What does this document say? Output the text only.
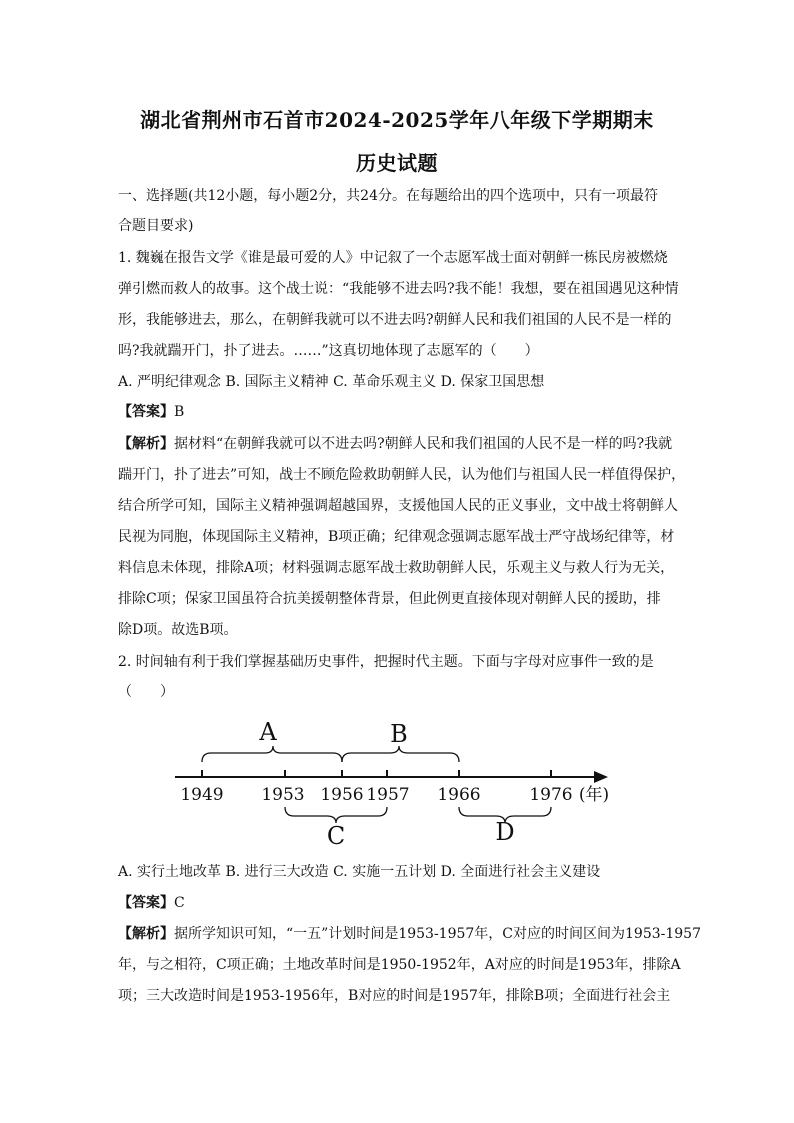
湖北省荆州市石首市2024-2025学年八年级下学期期末
历史试题
一、选择题(共12小题，每小题2分，共24分。在每题给出的四个选项中，只有一项最符
合题目要求)
1. 魏巍在报告文学《谁是最可爱的人》中记叙了一个志愿军战士面对朝鲜一栋民房被燃烧
弹引燃而救人的故事。这个战士说：“我能够不进去吗?我不能！我想，要在祖国遇见这种情
形，我能够进去，那么，在朝鲜我就可以不进去吗?朝鲜人民和我们祖国的人民不是一样的
吗?我就踹开门，扑了进去。……”这真切地体现了志愿军的（　　）
A. 严明纪律观念 B. 国际主义精神 C. 革命乐观主义 D. 保家卫国思想
【答案】B
【解析】据材料“在朝鲜我就可以不进去吗?朝鲜人民和我们祖国的人民不是一样的吗?我就
踹开门，扑了进去”可知，战士不顾危险救助朝鲜人民，认为他们与祖国人民一样值得保护，
结合所学可知，国际主义精神强调超越国界，支援他国人民的正义事业，文中战士将朝鲜人
民视为同胞，体现国际主义精神，B项正确；纪律观念强调志愿军战士严守战场纪律等，材
料信息未体现，排除A项；材料强调志愿军战士救助朝鲜人民，乐观主义与救人行为无关，
排除C项；保家卫国虽符合抗美援朝整体背景，但此例更直接体现对朝鲜人民的援助，排
除D项。故选B项。
2. 时间轴有利于我们掌握基础历史事件，把握时代主题。下面与字母对应事件一致的是
（　　）
1949 1953 1956 1957 1966	1976 (年)
A	B
C	D
A. 实行土地改革 B. 进行三大改造 C. 实施一五计划 D. 全面进行社会主义建设
【答案】C
【解析】据所学知识可知，“一五”计划时间是1953-1957年，C对应的时间区间为1953-1957
年，与之相符，C项正确；土地改革时间是1950-1952年，A对应的时间是1953年，排除A
项；三大改造时间是1953-1956年，B对应的时间是1957年，排除B项；全面进行社会主
